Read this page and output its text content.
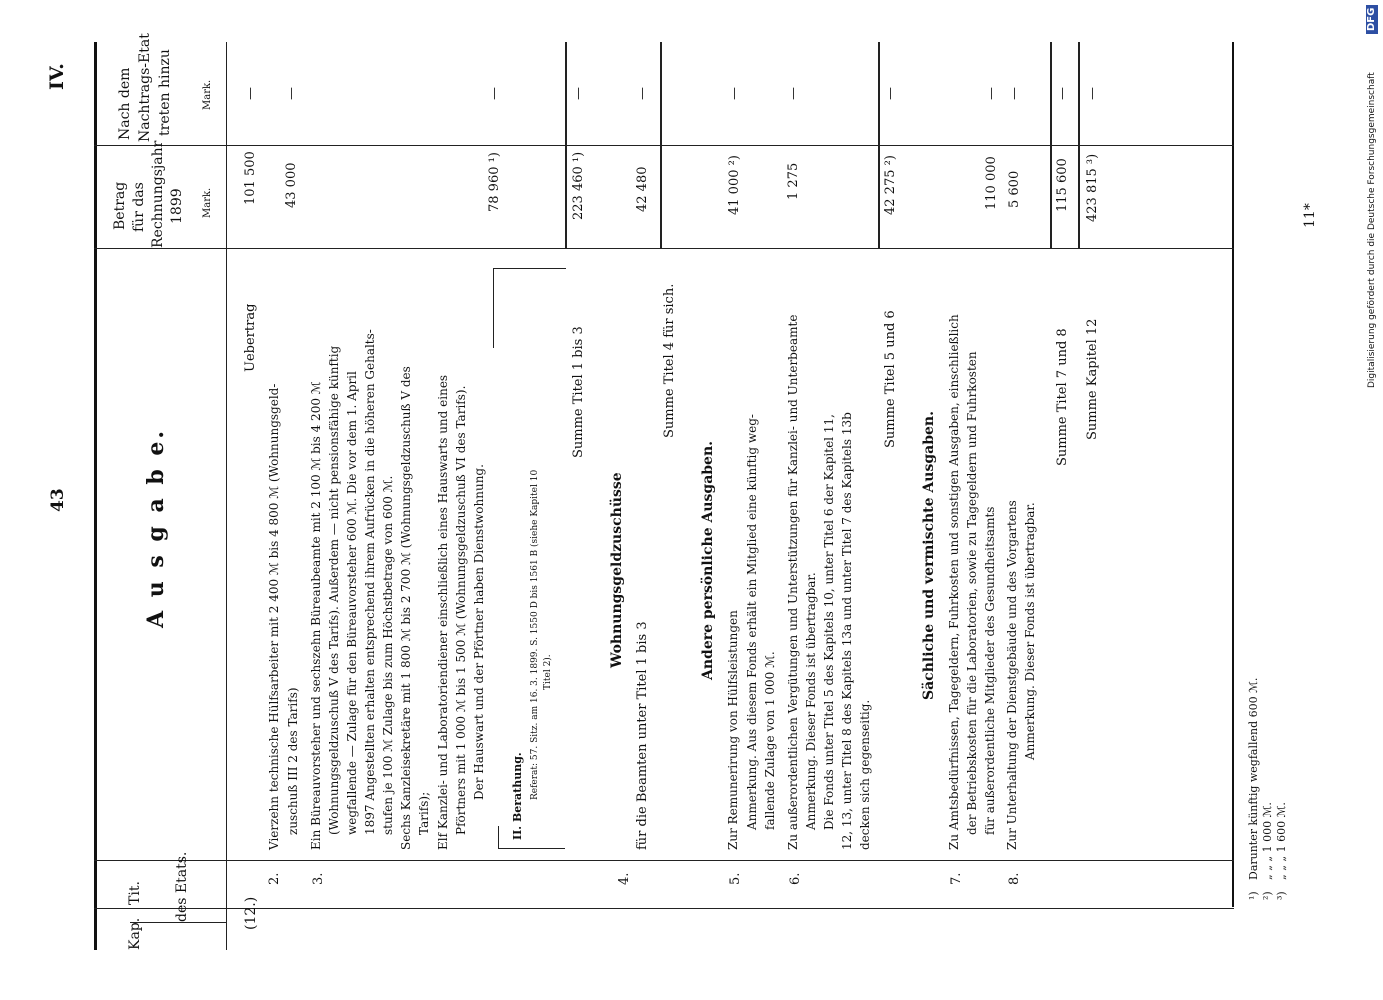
IV.
43
Kap.
Tit. des Etats.
A u s g a b e.
Betrag für das Rechnungsjahr 1899 Mark.
Nach dem Nachtrags-Etat treten hinzu	Mark.
(12.)
Uebertrag
101 500
—
2.
Vierzehn technische Hülfsarbeiter mit 2 400 ℳ bis 4 800 ℳ (Wohnungsgeld- zuschuß III 2 des Tarifs)
43 000
—
3.
Ein Büreauvorsteher und sechszehn Büreaubeamte mit 2 100 ℳ bis 4 200 ℳ (Wohnungsgeldzuschuß V des Tarifs). Außerdem — nicht pensionsfähige künftig wegfallende — Zulage für den Büreauvorsteher 600 ℳ. Die vor dem 1. April 1897 Angestellten erhalten entsprechend ihrem Aufrücken in die höheren Gehalts- stufen je 100 ℳ Zulage bis zum Höchstbetrage von 600 ℳ. Sechs Kanzleisekretäre mit 1 800 ℳ bis 2 700 ℳ (Wohnungsgeldzuschuß V des Tarifs); Elf Kanzlei- und Laboratoriendiener einschließlich eines Hauswarts und eines Pförtners mit 1 000 ℳ bis 1 500 ℳ (Wohnungsgeldzuschuß VI des Tarifs). Der Hauswart und der Pförtner haben Dienstwohnung.
78 960 ¹)
—
II. Berathung. Referat: 57. Sitz. am 16. 3. 1899. S. 1550 D bis 1561 B (siehe Kapitel 10 Titel 2).
Summe Titel 1 bis 3
223 460 ¹)
—
Wohnungsgeldzuschüsse
4.
für die Beamten unter Titel 1 bis 3
42 480
—
Summe Titel 4 für sich.
Andere persönliche Ausgaben.
5.
Zur Remunerirung von Hülfsleistungen Anmerkung. Aus diesem Fonds erhält ein Mitglied eine künftig weg- fallende Zulage von 1 000 ℳ.
41 000 ²)
—
6.
Zu außerordentlichen Vergütungen und Unterstützungen für Kanzlei- und Unterbeamte Anmerkung. Dieser Fonds ist übertragbar. Die Fonds unter Titel 5 des Kapitels 10, unter Titel 6 der Kapitel 11, 12, 13, unter Titel 8 des Kapitels 13a und unter Titel 7 des Kapitels 13b decken sich gegenseitig.
1 275
—
Summe Titel 5 und 6
42 275 ²)
—
Sächliche und vermischte Ausgaben.
7.
Zu Amtsbedürfnissen, Tagegeldern, Fuhrkosten und sonstigen Ausgaben, einschließlich der Betriebskosten für die Laboratorien, sowie zu Tagegeldern und Fuhrkosten für außerordentliche Mitglieder des Gesundheitsamts
110 000
—
8.
Zur Unterhaltung der Dienstgebäude und des Vorgartens Anmerkung. Dieser Fonds ist übertragbar.
5 600
—
Summe Titel 7 und 8
115 600
—
Summe Kapitel 12
423 815 ³)
—
¹)
Darunter künftig wegfallend 600 ℳ.
²)
„ „ „ 1 000 ℳ.
³)
„ „ „ 1 600 ℳ.
11*
DFG
Digitalisierung gefördert durch die Deutsche Forschungsgemeinschaft
